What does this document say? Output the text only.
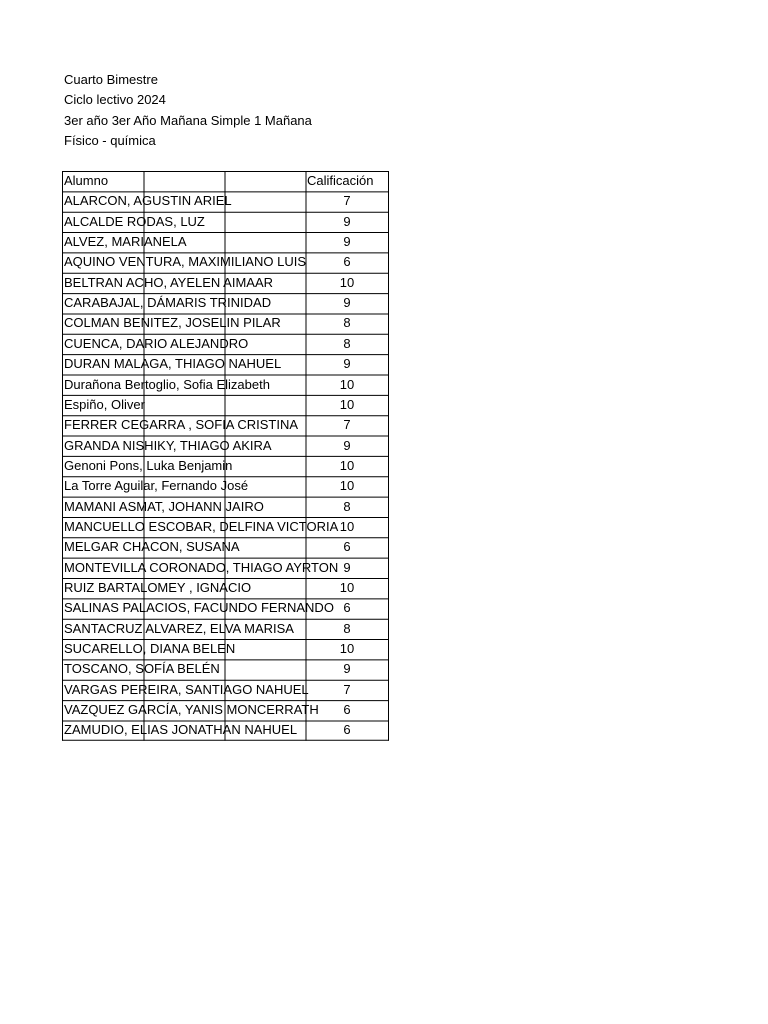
Cuarto Bimestre
Ciclo lectivo 2024
3er año 3er Año Mañana Simple 1 Mañana
Físico - química
Alumno	Calificación
ALARCON, AGUSTIN ARIEL	7
ALCALDE RODAS, LUZ	9
ALVEZ, MARIANELA	9
AQUINO VENTURA, MAXIMILIANO LUIS	6
BELTRAN ACHO, AYELEN AIMAAR	10
CARABAJAL, DÁMARIS TRINIDAD	9
COLMAN BENITEZ, JOSELIN PILAR	8
CUENCA, DARIO ALEJANDRO	8
DURAN MALAGA, THIAGO NAHUEL	9
Durañona Bertoglio, Sofia Elizabeth	10
Espiño, Oliver	10
FERRER CEGARRA , SOFIA CRISTINA	7
GRANDA NISHIKY, THIAGO AKIRA	9
Genoni Pons, Luka Benjamin	10
La Torre Aguilar, Fernando José	10
MAMANI ASMAT, JOHANN JAIRO	8
MANCUELLO ESCOBAR, DELFINA VICTORIA 10
MELGAR CHACON, SUSANA	6
MONTEVILLA CORONADO, THIAGO AYRTON 9
RUIZ BARTALOMEY , IGNACIO	10
SALINAS PALACIOS, FACUNDO FERNANDO 6
SANTACRUZ ALVAREZ, ELVA MARISA	8
SUCARELLO, DIANA BELEN	10
TOSCANO, SOFÍA BELÉN	9
VARGAS PEREIRA, SANTIAGO NAHUEL	7
VAZQUEZ GARCÍA, YANIS MONCERRATH	6
ZAMUDIO, ELIAS JONATHAN NAHUEL	6
